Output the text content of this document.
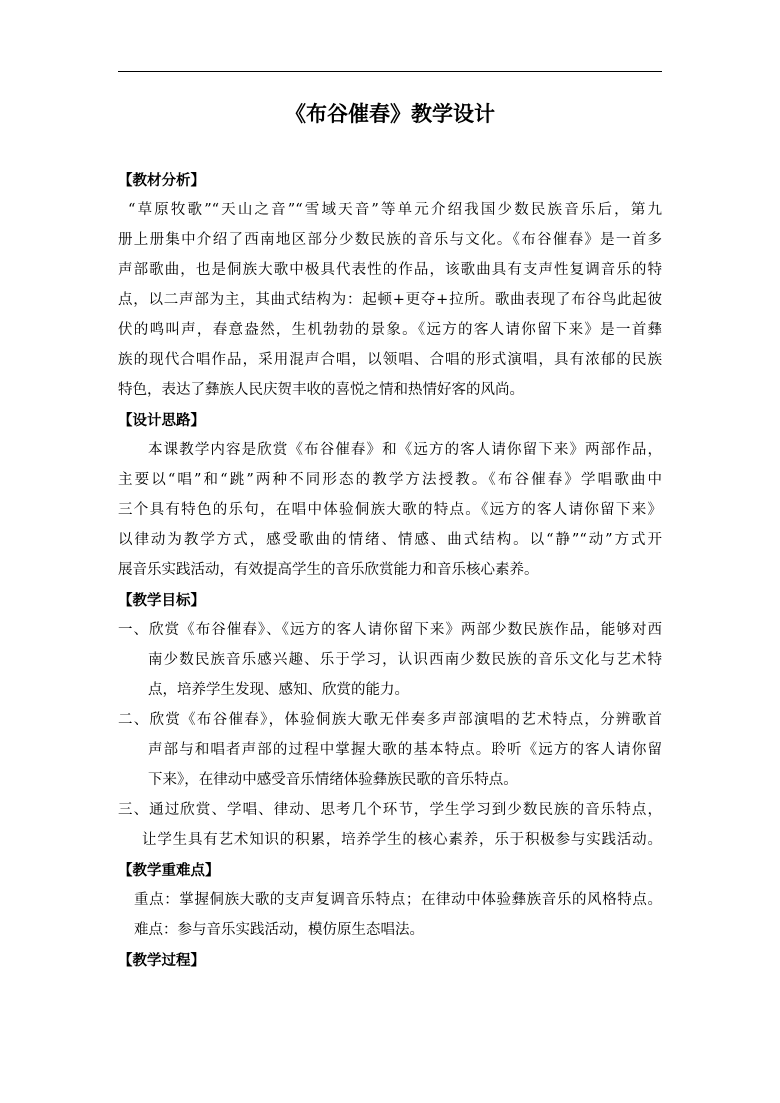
《布谷催春》教学设计
【教材分析】
“草原牧歌”“天山之音”“雪域天音”等单元介绍我国少数民族音乐后，第九
册上册集中介绍了西南地区部分少数民族的音乐与文化。《布谷催春》是一首多
声部歌曲，也是侗族大歌中极具代表性的作品，该歌曲具有支声性复调音乐的特
点，以二声部为主，其曲式结构为：起顿+更夺+拉所。歌曲表现了布谷鸟此起彼
伏的鸣叫声，春意盎然，生机勃勃的景象。《远方的客人请你留下来》是一首彝
族的现代合唱作品，采用混声合唱，以领唱、合唱的形式演唱，具有浓郁的民族
特色，表达了彝族人民庆贺丰收的喜悦之情和热情好客的风尚。
【设计思路】
本课教学内容是欣赏《布谷催春》和《远方的客人请你留下来》两部作品，
主要以“唱”和“跳”两种不同形态的教学方法授教。《布谷催春》学唱歌曲中
三个具有特色的乐句，在唱中体验侗族大歌的特点。《远方的客人请你留下来》
以律动为教学方式，感受歌曲的情绪、情感、曲式结构。以“静”“动”方式开
展音乐实践活动，有效提高学生的音乐欣赏能力和音乐核心素养。
【教学目标】
一、欣赏《布谷催春》、《远方的客人请你留下来》两部少数民族作品，能够对西
南少数民族音乐感兴趣、乐于学习，认识西南少数民族的音乐文化与艺术特
点，培养学生发现、感知、欣赏的能力。
二、欣赏《布谷催春》，体验侗族大歌无伴奏多声部演唱的艺术特点，分辨歌首
声部与和唱者声部的过程中掌握大歌的基本特点。聆听《远方的客人请你留
下来》，在律动中感受音乐情绪体验彝族民歌的音乐特点。
三、通过欣赏、学唱、律动、思考几个环节，学生学习到少数民族的音乐特点，
让学生具有艺术知识的积累，培养学生的核心素养，乐于积极参与实践活动。
【教学重难点】
重点：掌握侗族大歌的支声复调音乐特点；在律动中体验彝族音乐的风格特点。
难点：参与音乐实践活动，模仿原生态唱法。
【教学过程】
